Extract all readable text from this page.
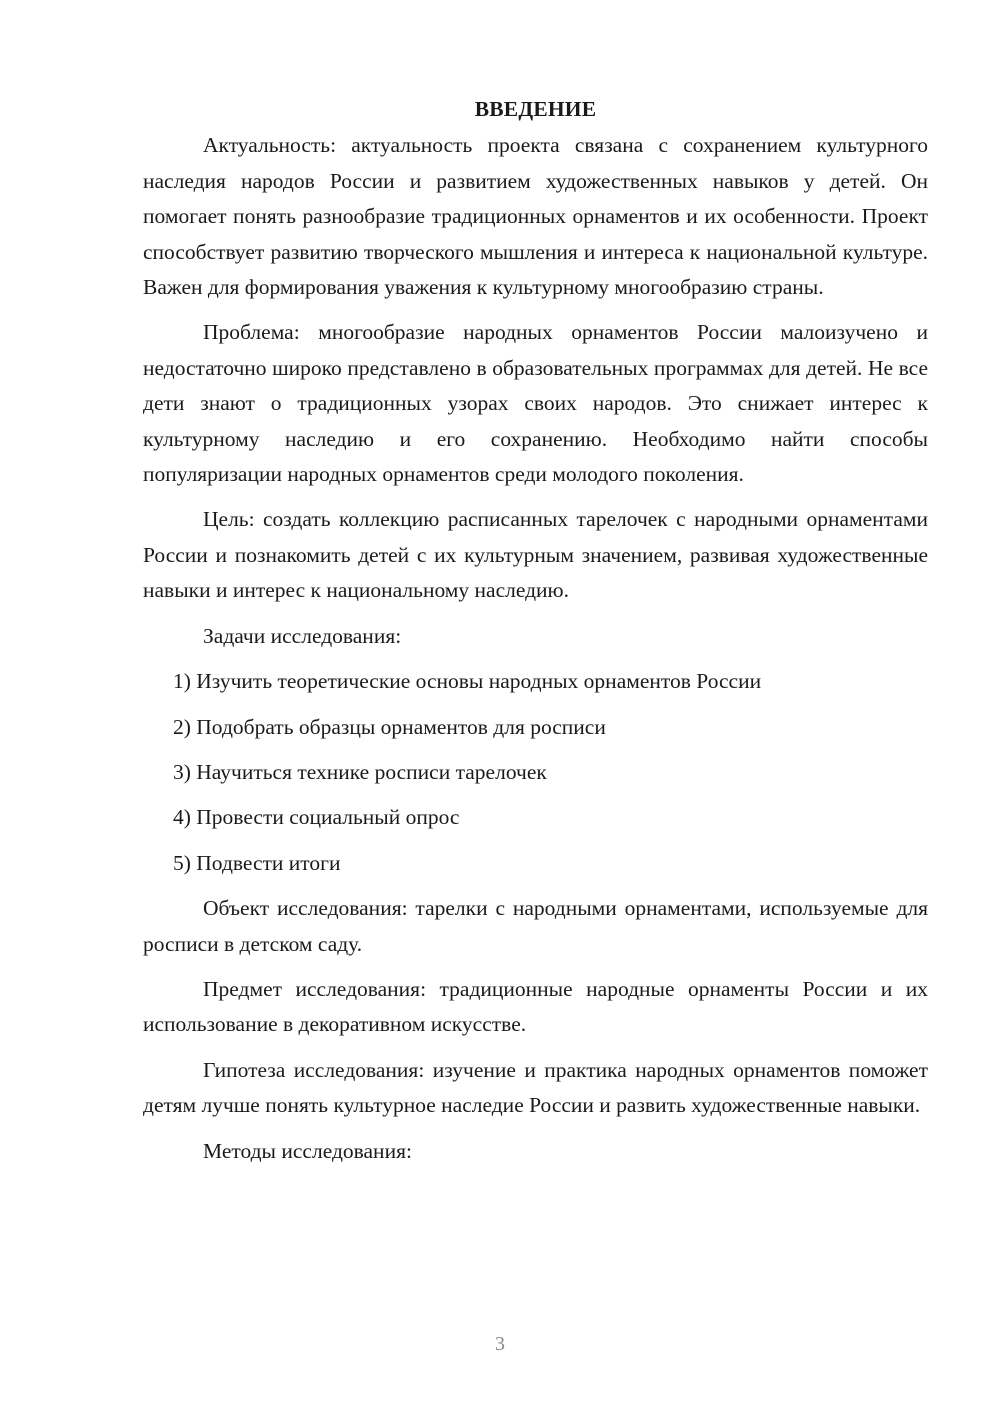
ВВЕДЕНИЕ

Актуальность: актуальность проекта связана с сохранением культурного наследия народов России и развитием художественных навыков у детей. Он помогает понять разнообразие традиционных орнаментов и их особенности. Проект способствует развитию творческого мышления и интереса к национальной культуре. Важен для формирования уважения к культурному многообразию страны.

Проблема: многообразие народных орнаментов России малоизучено и недостаточно широко представлено в образовательных программах для детей. Не все дети знают о традиционных узорах своих народов. Это снижает интерес к культурному наследию и его сохранению. Необходимо найти способы популяризации народных орнаментов среди молодого поколения.

Цель: создать коллекцию расписанных тарелочек с народными орнаментами России и познакомить детей с их культурным значением, развивая художественные навыки и интерес к национальному наследию.

Задачи исследования:

1) Изучить теоретические основы народных орнаментов России
2) Подобрать образцы орнаментов для росписи
3) Научиться технике росписи тарелочек
4) Провести социальный опрос
5) Подвести итоги

Объект исследования: тарелки с народными орнаментами, используемые для росписи в детском саду.

Предмет исследования: традиционные народные орнаменты России и их использование в декоративном искусстве.

Гипотеза исследования: изучение и практика народных орнаментов поможет детям лучше понять культурное наследие России и развить художественные навыки.

Методы исследования:

3
